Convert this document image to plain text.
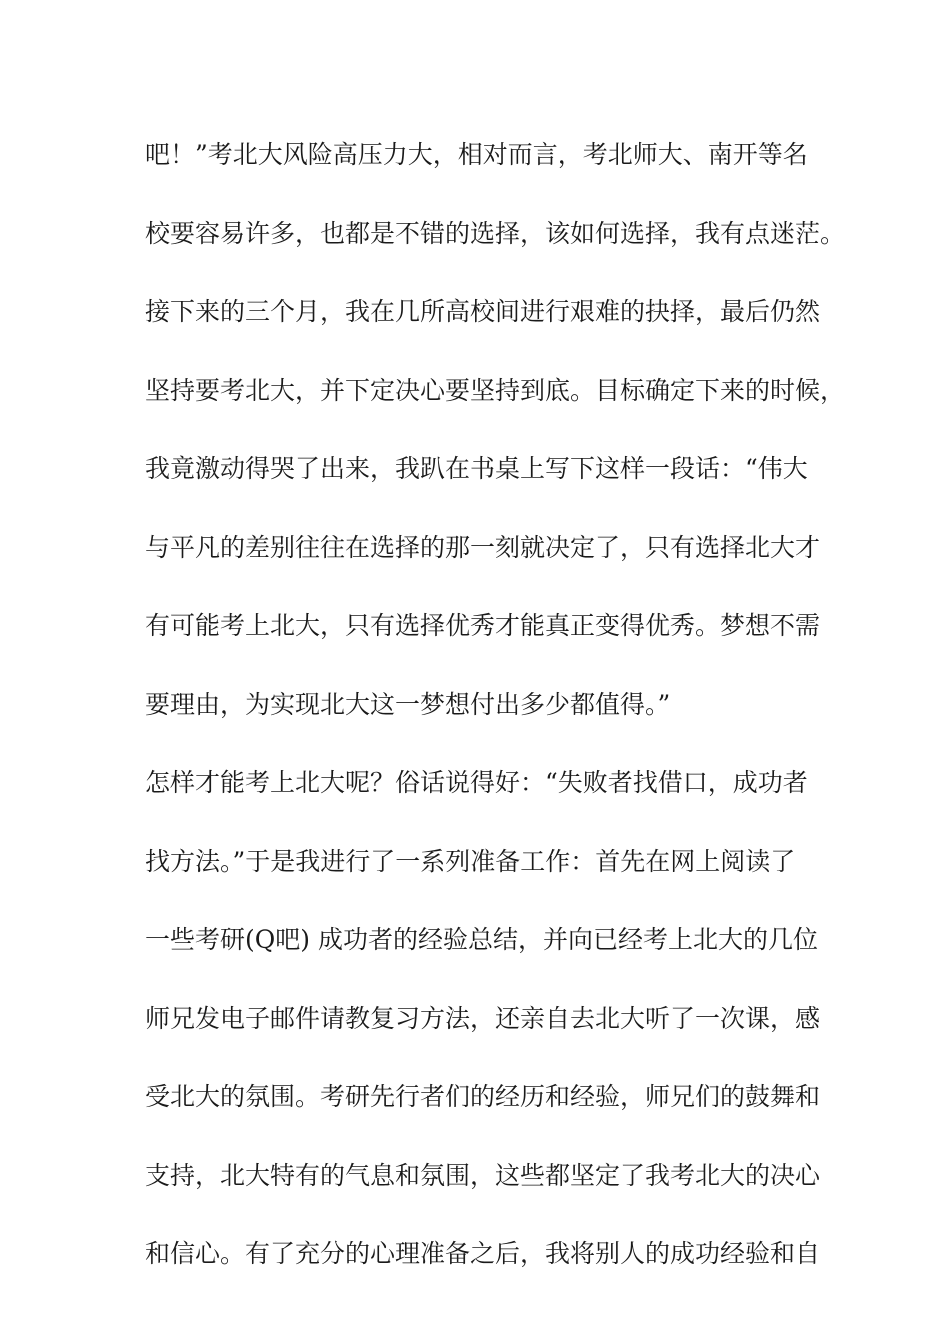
吧！”考北大风险高压力大，相对而言，考北师大、南开等名
校要容易许多，也都是不错的选择，该如何选择，我有点迷茫。
接下来的三个月，我在几所高校间进行艰难的抉择，最后仍然
坚持要考北大，并下定决心要坚持到底。目标确定下来的时候，
我竟激动得哭了出来，我趴在书桌上写下这样一段话：“伟大
与平凡的差别往往在选择的那一刻就决定了，只有选择北大才
有可能考上北大，只有选择优秀才能真正变得优秀。梦想不需
要理由，为实现北大这一梦想付出多少都值得。”
怎样才能考上北大呢？俗话说得好：“失败者找借口，成功者
找方法。”于是我进行了一系列准备工作：首先在网上阅读了
一些考研(Q吧) 成功者的经验总结，并向已经考上北大的几位
师兄发电子邮件请教复习方法，还亲自去北大听了一次课，感
受北大的氛围。考研先行者们的经历和经验，师兄们的鼓舞和
支持，北大特有的气息和氛围，这些都坚定了我考北大的决心
和信心。有了充分的心理准备之后，我将别人的成功经验和自
